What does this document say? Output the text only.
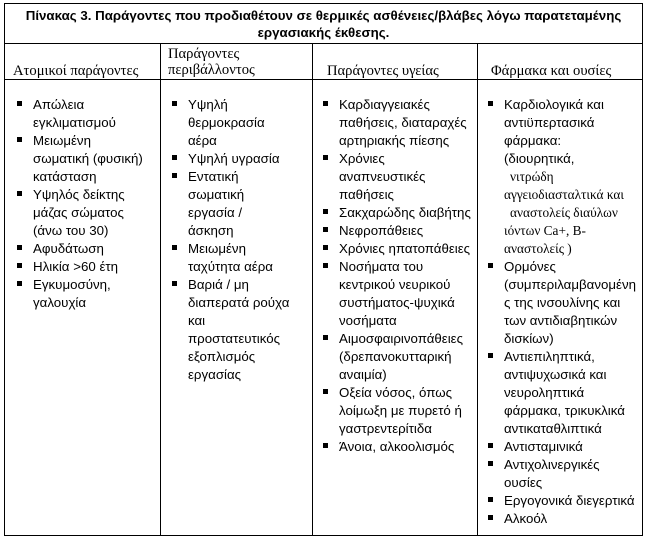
Πίνακας 3. Παράγοντες που προδιαθέτουν σε θερμικές ασθένειες/βλάβες λόγω παρατεταμένης
εργασιακής έκθεσης.
Ατομικοί παράγοντες
Παράγοντες
περιβάλλοντος	Παράγοντες υγείας	Φάρμακα και ουσίες
Απώλεια
εγκλιματισμού
Μειωμένη
σωματική (φυσική)
κατάσταση
Υψηλός δείκτης
μάζας σώματος
(άνω του 30)
Αφυδάτωση
Ηλικία >60 έτη
Εγκυμοσύνη,
γαλουχία
Υψηλή
θερμοκρασία
αέρα
Υψηλή υγρασία
Εντατική
σωματική
εργασία /
άσκηση
Μειωμένη
ταχύτητα αέρα
Βαριά / μη
διαπερατά ρούχα
και
προστατευτικός
εξοπλισμός
εργασίας
Καρδιαγγειακές
παθήσεις, διαταραχές
αρτηριακής πίεσης
Χρόνιες
αναπνευστικές
παθήσεις
Σακχαρώδης διαβήτης
Νεφροπάθειες
Χρόνιες ηπατοπάθειες
Νοσήματα του
κεντρικού νευρικού
συστήματος-ψυχικά
νοσήματα
Αιμοσφαιρινοπάθειες
(δρεπανοκυτταρική
αναιμία)
Οξεία νόσος, όπως
λοίμωξη με πυρετό ή
γαστρεντερίτιδα
Άνοια, αλκοολισμός
Καρδιολογικά και
αντιϋπερτασικά
φάρμακα:
(διουρητικά,
νιτρώδη
αγγειοδιασταλτικά και
αναστολείς διαύλων
ιόντων Ca+, Β-
αναστολείς )
Ορμόνες
(συμπεριλαμβανομένη
ς της ινσουλίνης και
των αντιδιαβητικών
δισκίων)
Αντιεπιληπτικά,
αντιψυχωσικά και
νευροληπτικά
φάρμακα, τρικυκλικά
αντικαταθλιπτικά
Αντισταμινικά
Αντιχολινεργικές
ουσίες
Εργογονικά διεγερτικά
Αλκοόλ
